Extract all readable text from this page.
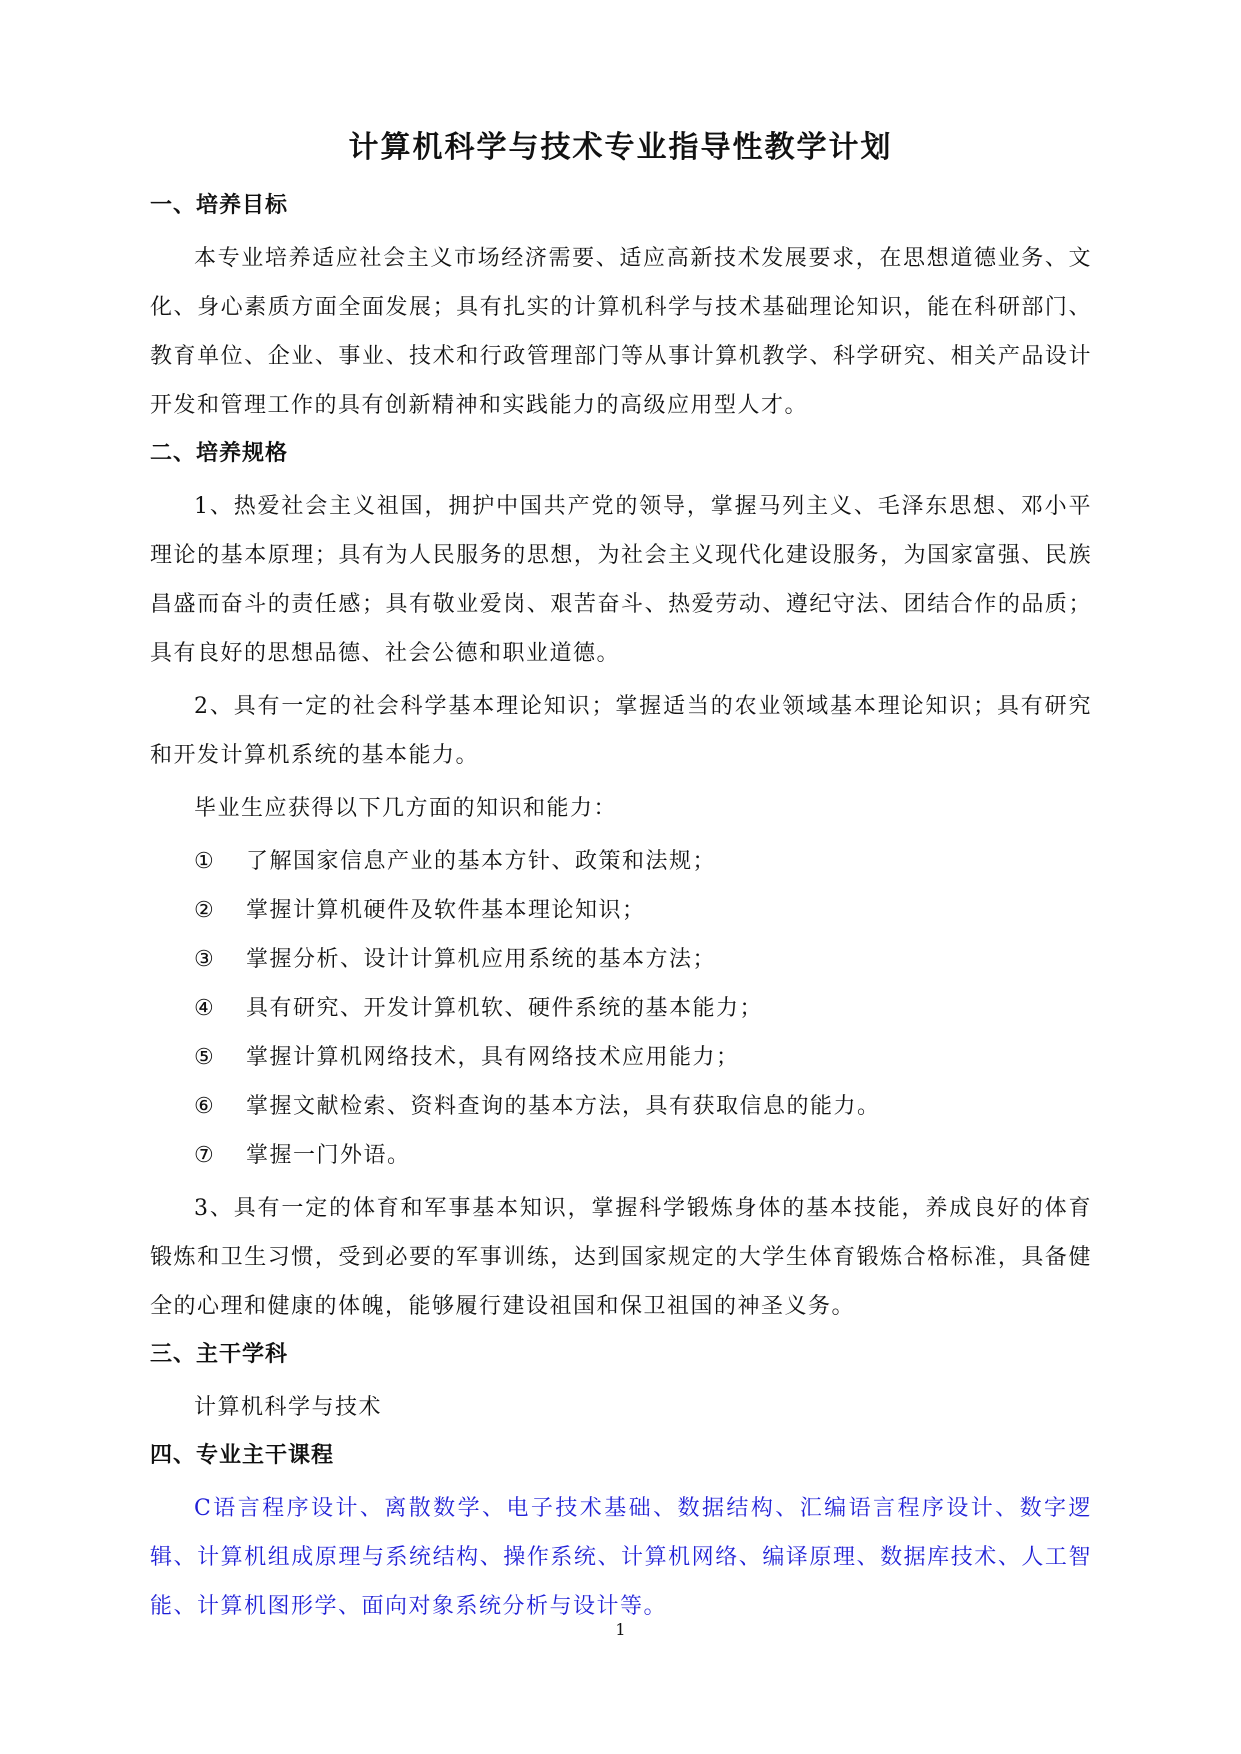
计算机科学与技术专业指导性教学计划
一、培养目标

本专业培养适应社会主义市场经济需要、适应高新技术发展要求，在思想道德业务、文化、身心素质方面全面发展；具有扎实的计算机科学与技术基础理论知识，能在科研部门、教育单位、企业、事业、技术和行政管理部门等从事计算机教学、科学研究、相关产品设计开发和管理工作的具有创新精神和实践能力的高级应用型人才。

二、培养规格

1、热爱社会主义祖国，拥护中国共产党的领导，掌握马列主义、毛泽东思想、邓小平理论的基本原理；具有为人民服务的思想，为社会主义现代化建设服务，为国家富强、民族昌盛而奋斗的责任感；具有敬业爱岗、艰苦奋斗、热爱劳动、遵纪守法、团结合作的品质；具有良好的思想品德、社会公德和职业道德。

2、具有一定的社会科学基本理论知识；掌握适当的农业领域基本理论知识；具有研究和开发计算机系统的基本能力。

毕业生应获得以下几方面的知识和能力：

① 了解国家信息产业的基本方针、政策和法规；

② 掌握计算机硬件及软件基本理论知识；

③ 掌握分析、设计计算机应用系统的基本方法；

④ 具有研究、开发计算机软、硬件系统的基本能力；

⑤ 掌握计算机网络技术，具有网络技术应用能力；

⑥ 掌握文献检索、资料查询的基本方法，具有获取信息的能力。

⑦ 掌握一门外语。

3、具有一定的体育和军事基本知识，掌握科学锻炼身体的基本技能，养成良好的体育锻炼和卫生习惯，受到必要的军事训练，达到国家规定的大学生体育锻炼合格标准，具备健全的心理和健康的体魄，能够履行建设祖国和保卫祖国的神圣义务。

三、主干学科

计算机科学与技术

四、专业主干课程

C语言程序设计、离散数学、电子技术基础、数据结构、汇编语言程序设计、数字逻辑、计算机组成原理与系统结构、操作系统、计算机网络、编译原理、数据库技术、人工智能、计算机图形学、面向对象系统分析与设计等。

1
